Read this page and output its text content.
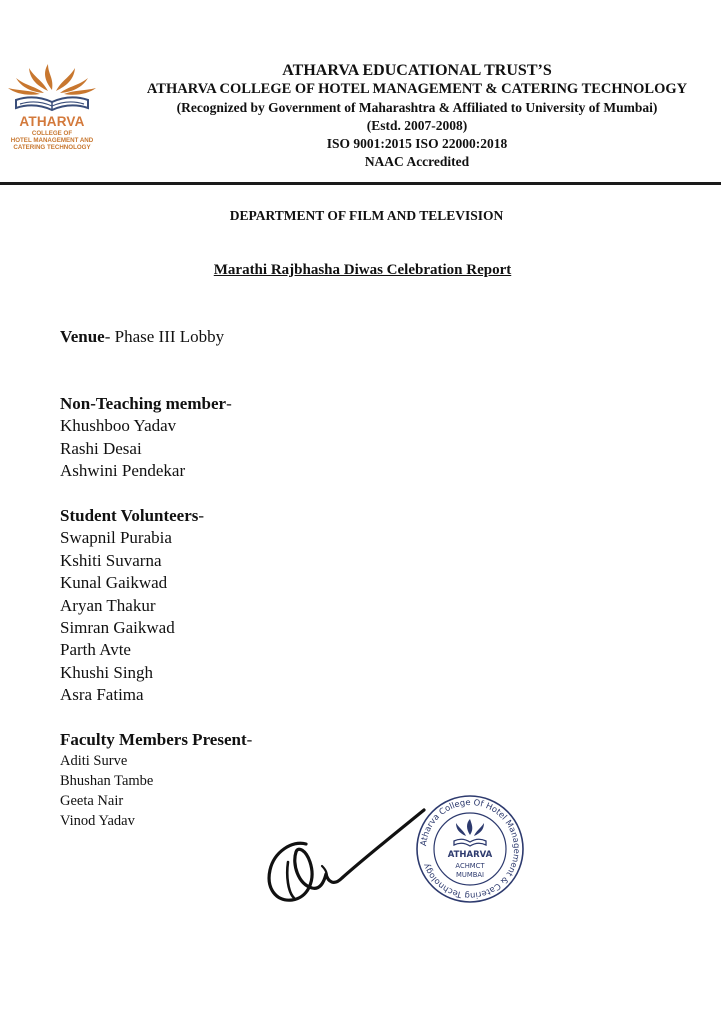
ATHARVA
COLLEGE OF
HOTEL MANAGEMENT AND
CATERING TECHNOLOGY
ATHARVA EDUCATIONAL TRUST’S
ATHARVA COLLEGE OF HOTEL MANAGEMENT & CATERING TECHNOLOGY
(Recognized by Government of Maharashtra & Affiliated to University of Mumbai)
(Estd. 2007-2008)
ISO 9001:2015 ISO 22000:2018
NAAC Accredited
DEPARTMENT OF FILM AND TELEVISION
Marathi Rajbhasha Diwas Celebration Report
Venue- Phase III Lobby
Non-Teaching member-
Khushboo Yadav
Rashi Desai
Ashwini Pendekar
Student Volunteers-
Swapnil Purabia
Kshiti Suvarna
Kunal Gaikwad
Aryan Thakur
Simran Gaikwad
Parth Avte
Khushi Singh
Asra Fatima
Faculty Members Present-
Aditi Surve
Bhushan Tambe
Geeta Nair
Vinod Yadav
Atharva College Of Hotel Management & Catering Technology
ATHARVA
ACHMCT
MUMBAI
